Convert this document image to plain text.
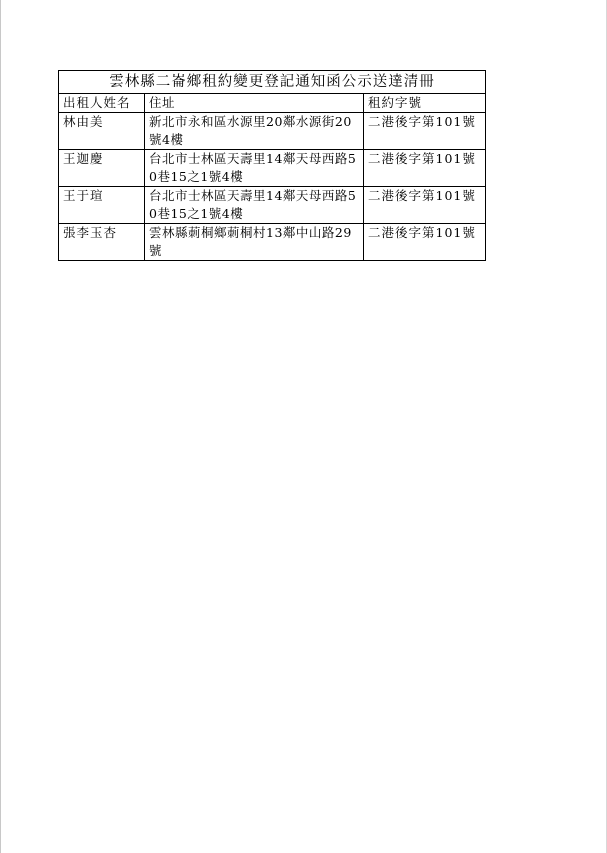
雲林縣二崙鄉租約變更登記通知函公示送達清冊		
出租人姓名	住址	租約字號
林由美	新北市永和區水源里20鄰水源街20號4樓	二港後字第101號
王迦慶	台北市士林區天壽里14鄰天母西路50巷15之1號4樓	二港後字第101號
王于瑄	台北市士林區天壽里14鄰天母西路50巷15之1號4樓	二港後字第101號
張李玉杏	雲林縣莿桐鄉莿桐村13鄰中山路29號	二港後字第101號
